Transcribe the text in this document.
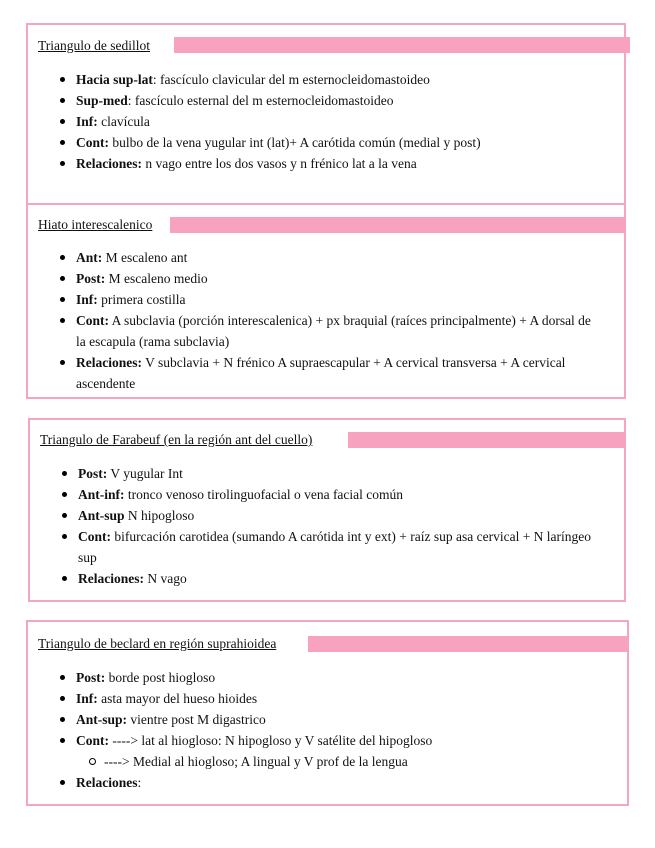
Triangulo de sedillot
Hacia sup-lat: fascículo clavicular del m esternocleidomastoideo
Sup-med: fascículo esternal del m esternocleidomastoideo
Inf: clavícula
Cont: bulbo de la vena yugular int (lat)+ A carótida común (medial y post)
Relaciones: n vago entre los dos vasos y n frénico lat a la vena
Hiato interescalenico
Ant: M escaleno ant
Post: M escaleno medio
Inf: primera costilla
Cont: A subclavia (porción interescalenica) + px braquial (raíces principalmente) + A dorsal de la escapula (rama subclavia)
Relaciones: V subclavia + N frénico A supraescapular + A cervical transversa + A cervical ascendente
Triangulo de Farabeuf (en la región ant del cuello)
Post: V yugular Int
Ant-inf: tronco venoso tirolinguofacial o vena facial común
Ant-sup N hipogloso
Cont: bifurcación carotidea (sumando A carótida int y ext) + raíz sup asa cervical + N laríngeo sup
Relaciones: N vago
Triangulo de beclard en región suprahioidea
Post: borde post hiogloso
Inf: asta mayor del hueso hioides
Ant-sup: vientre post M digastrico
Cont: ----> lat al hiogloso: N hipogloso y V satélite del hipogloso
----> Medial al hiogloso; A lingual y V prof de la lengua
Relaciones:
